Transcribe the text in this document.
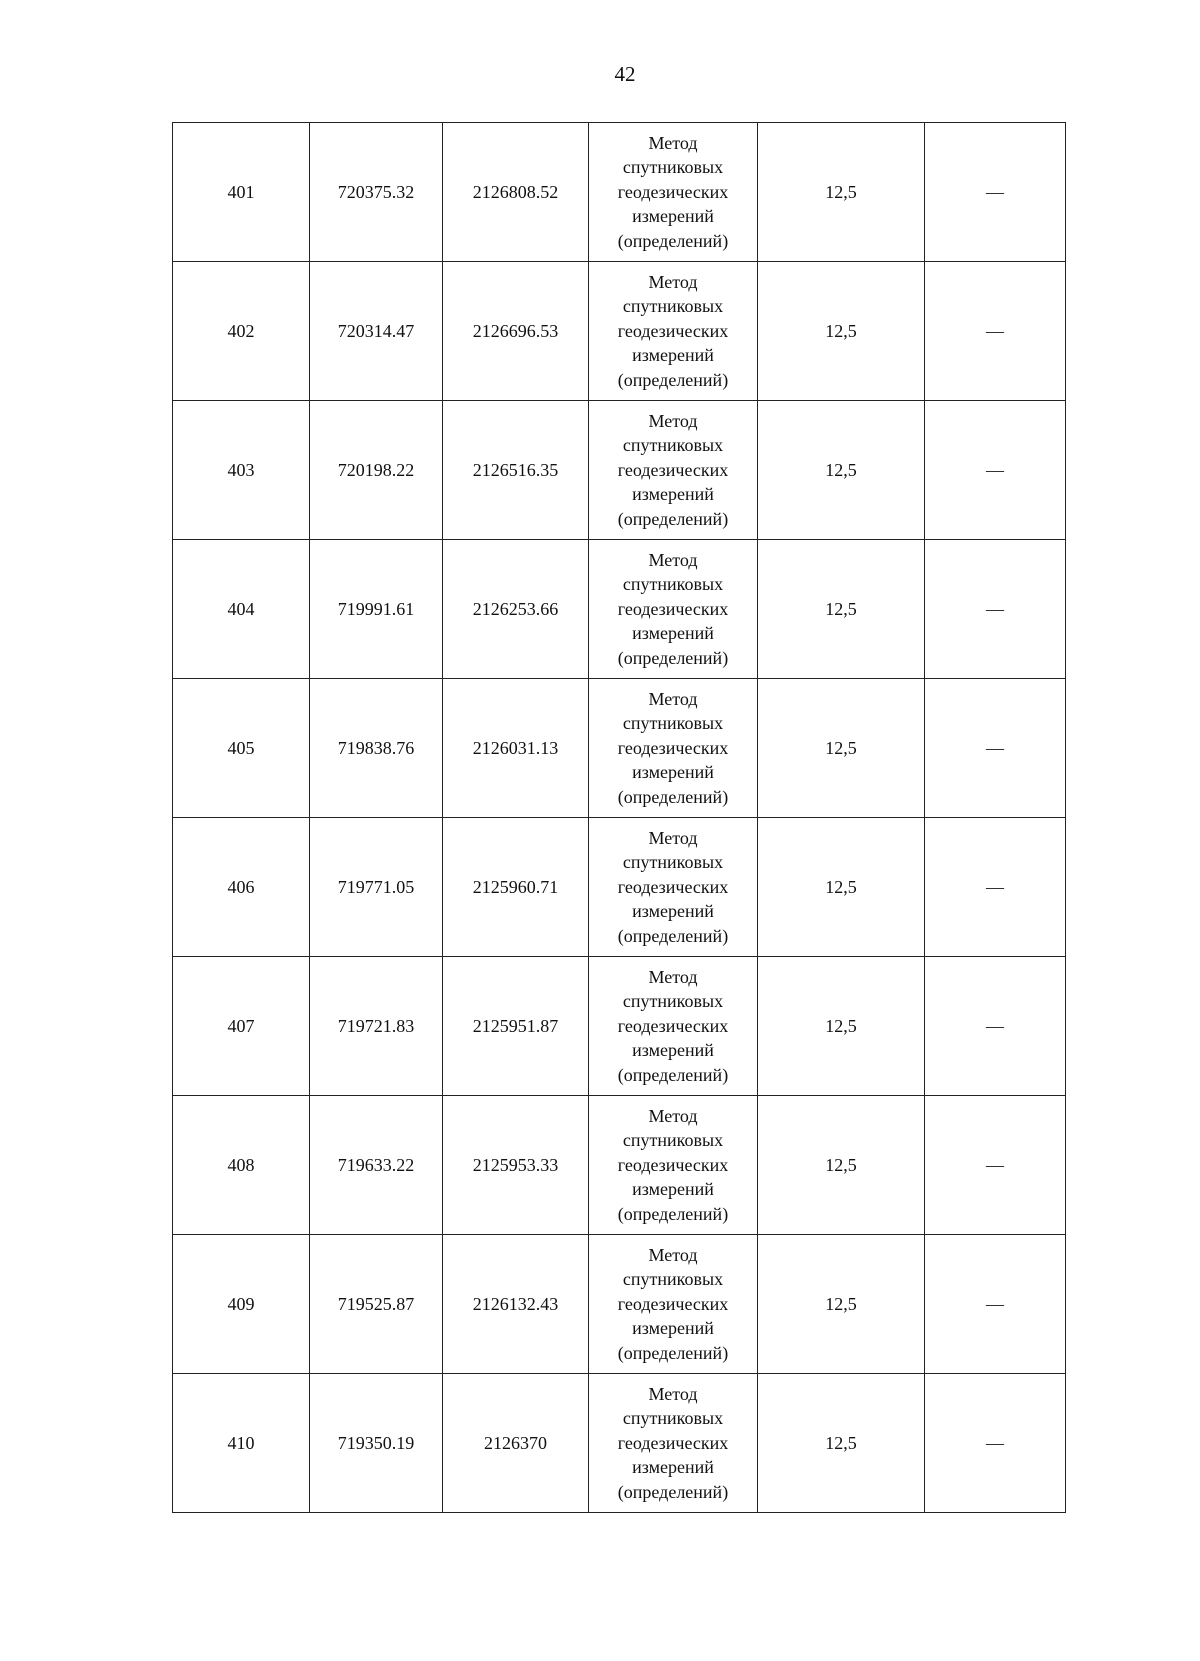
42
401	720375.32	2126808.52	Метод
спутниковых
геодезических
измерений
(определений)	12,5	—
402	720314.47	2126696.53	Метод
спутниковых
геодезических
измерений
(определений)	12,5	—
403	720198.22	2126516.35	Метод
спутниковых
геодезических
измерений
(определений)	12,5	—
404	719991.61	2126253.66	Метод
спутниковых
геодезических
измерений
(определений)	12,5	—
405	719838.76	2126031.13	Метод
спутниковых
геодезических
измерений
(определений)	12,5	—
406	719771.05	2125960.71	Метод
спутниковых
геодезических
измерений
(определений)	12,5	—
407	719721.83	2125951.87	Метод
спутниковых
геодезических
измерений
(определений)	12,5	—
408	719633.22	2125953.33	Метод
спутниковых
геодезических
измерений
(определений)	12,5	—
409	719525.87	2126132.43	Метод
спутниковых
геодезических
измерений
(определений)	12,5	—
410	719350.19	2126370	Метод
спутниковых
геодезических
измерений
(определений)	12,5	—
